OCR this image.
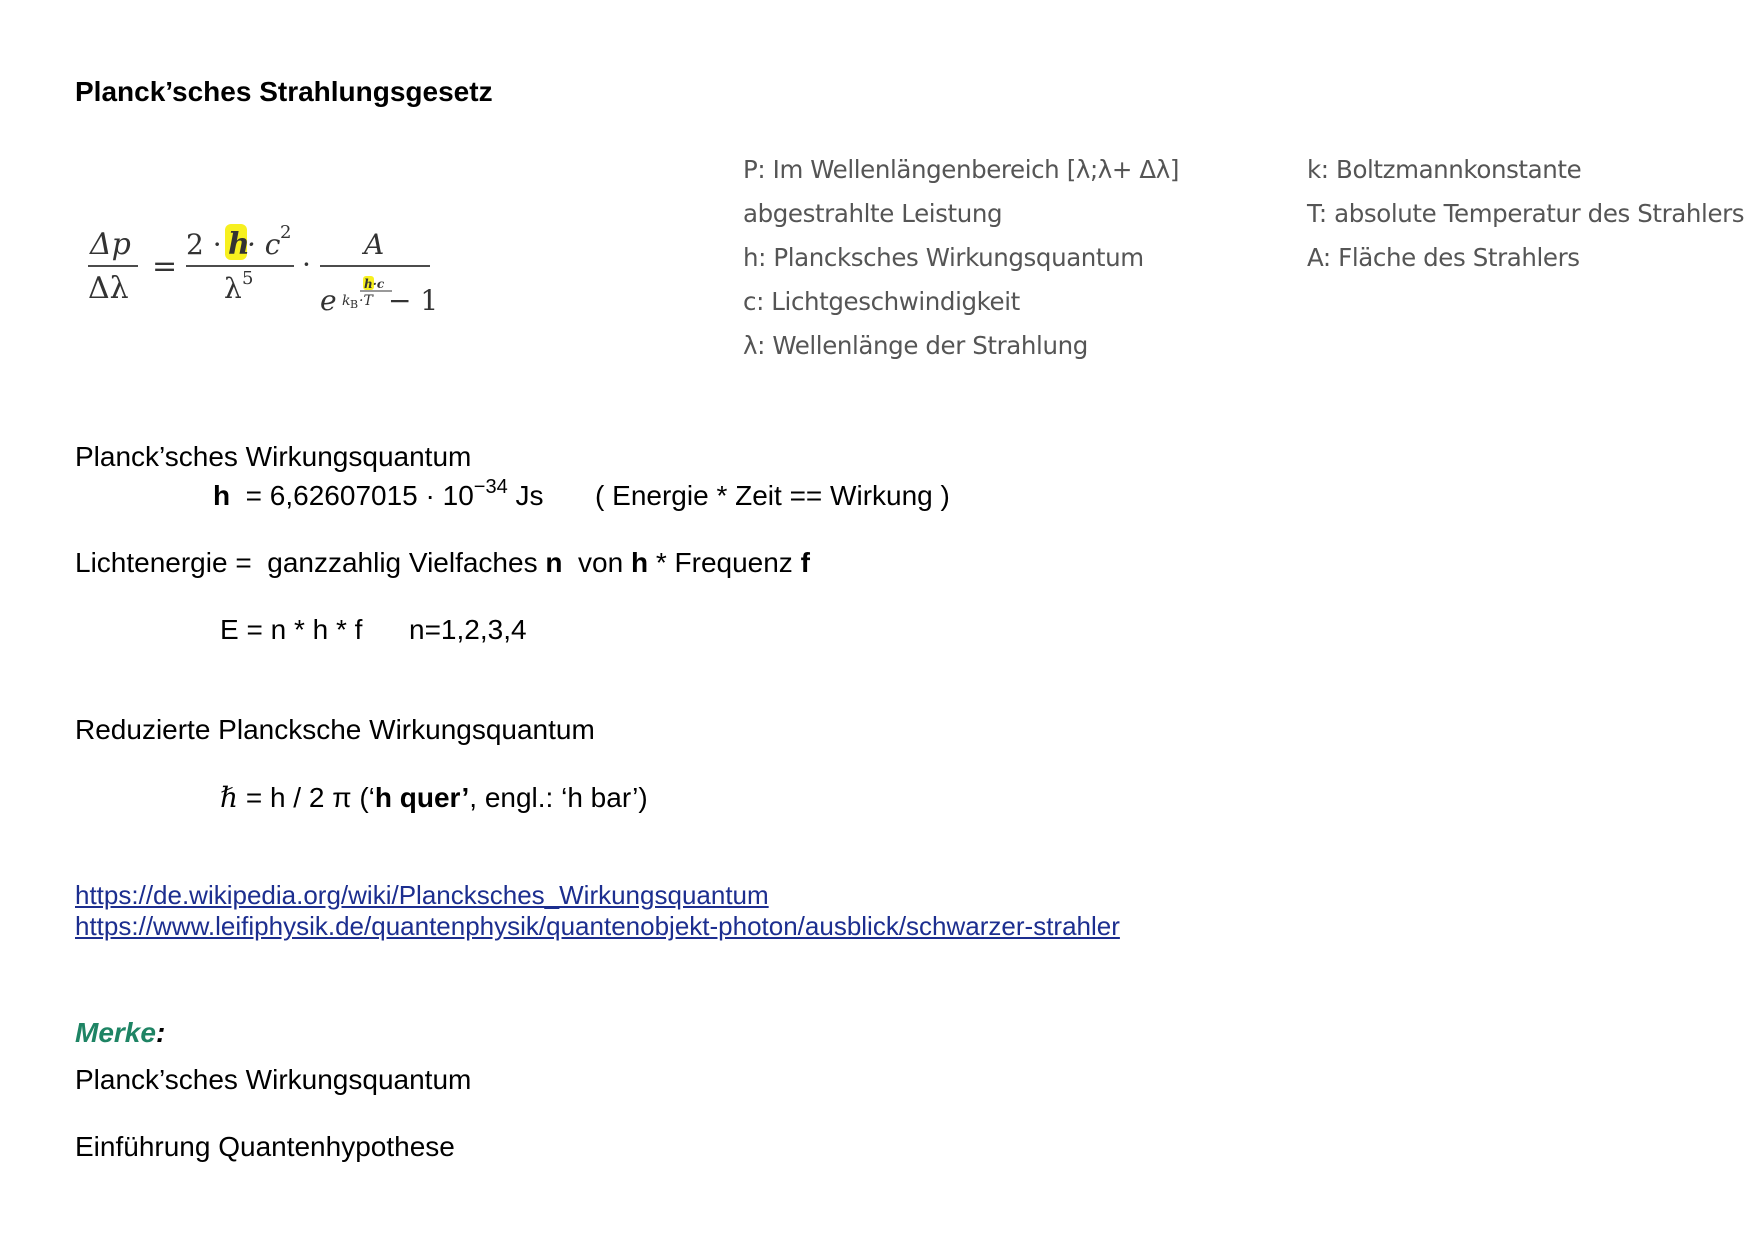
Planck’sches Strahlungsgesetz
Δp
Δλ
=
2 · h
· c 2
λ 5 ·
A
e h·c
k B ·T − 1
P: Im Wellenlängenbereich [λ;λ+ Δλ]
abgestrahlte Leistung
h: Plancksches Wirkungsquantum
c: Lichtgeschwindigkeit
λ: Wellenlänge der Strahlung
k: Boltzmannkonstante
T: absolute Temperatur des Strahlers
A: Fläche des Strahlers
Planck’sches Wirkungsquantum
$h = 6,62607015 \cdot 10^{-34}$ Js ( Energie * Zeit == Wirkung )
Lichtenergie =  ganzzahlig Vielfaches n  von h * Frequenz f
E = n * h * f n=1,2,3,4
Reduzierte Plancksche Wirkungsquantum
ℏ = h / 2 π (‘h quer’, engl.: ‘h bar’)
https://de.wikipedia.org/wiki/Plancksches_Wirkungsquantum
https://www.leifiphysik.de/quantenphysik/quantenobjekt-photon/ausblick/schwarzer-strahler
Merke:
Planck’sches Wirkungsquantum
Einführung Quantenhypothese
